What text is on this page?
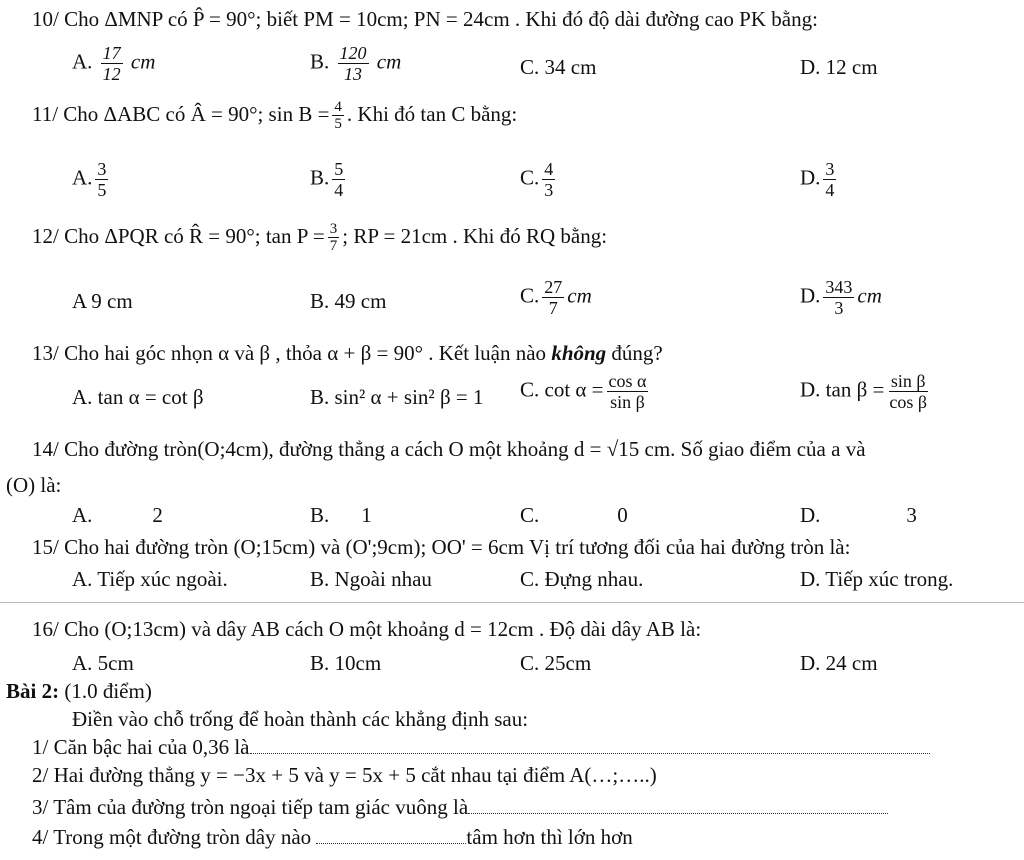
10/ Cho ΔMNP có P̂ = 90°; biết PM = 10cm; PN = 24cm . Khi đó độ dài đường cao PK bằng:
A. $\frac{17}{12}$ cm	B. $\frac{120}{13}$ cm	C. 34 cm	D. 12 cm
11/ Cho ΔABC có Â = 90°; $\sin B = \frac{4}{5}$ . Khi đó tan C bằng:
A. $\frac{3}{5}$	B. $\frac{5}{4}$	C. $\frac{4}{3}$	D. $\frac{3}{4}$
12/ Cho ΔPQR có R̂ = 90°; $\tan P = \frac{3}{7}$ ; RP = 21cm . Khi đó RQ bằng:
A 9 cm	B. 49 cm	C. $\frac{27}{7}$ cm	D. $\frac{343}{3}$ cm
13/ Cho hai góc nhọn α và β , thỏa α + β = 90° . Kết luận nào không đúng?
A. tan α = cot β	B. sin² α + sin² β = 1 C. $\cot \alpha = \frac{\text{cos α}}{\text{sin β}}$	D. $\tan \beta = \frac{\text{sin β}}{\text{cos β}}$
14/ Cho đường tròn(O;4cm), đường thẳng a cách O một khoảng d = √15 cm. Số giao điểm của a và
(O) là:
A.	2	B. 1	C.	0	D.	3
15/ Cho hai đường tròn (O;15cm) và (O';9cm); OO' = 6cm Vị trí tương đối của hai đường tròn là:
A. Tiếp xúc ngoài.	B. Ngoài nhau	C. Đựng nhau.	D. Tiếp xúc trong.
16/ Cho (O;13cm) và dây AB cách O một khoảng d = 12cm . Độ dài dây AB là:
A. 5cm	B. 10cm	C. 25cm	D. 24 cm
Bài 2: (1.0 điểm)
Điền vào chỗ trống để hoàn thành các khẳng định sau:
1/ Căn bậc hai của 0,36 là
2/ Hai đường thẳng y = −3x + 5 và y = 5x + 5 cắt nhau tại điểm A(…;…..)
3/ Tâm của đường tròn ngoại tiếp tam giác vuông là
4/ Trong một đường tròn dây nào	tâm hơn thì lớn hơn
